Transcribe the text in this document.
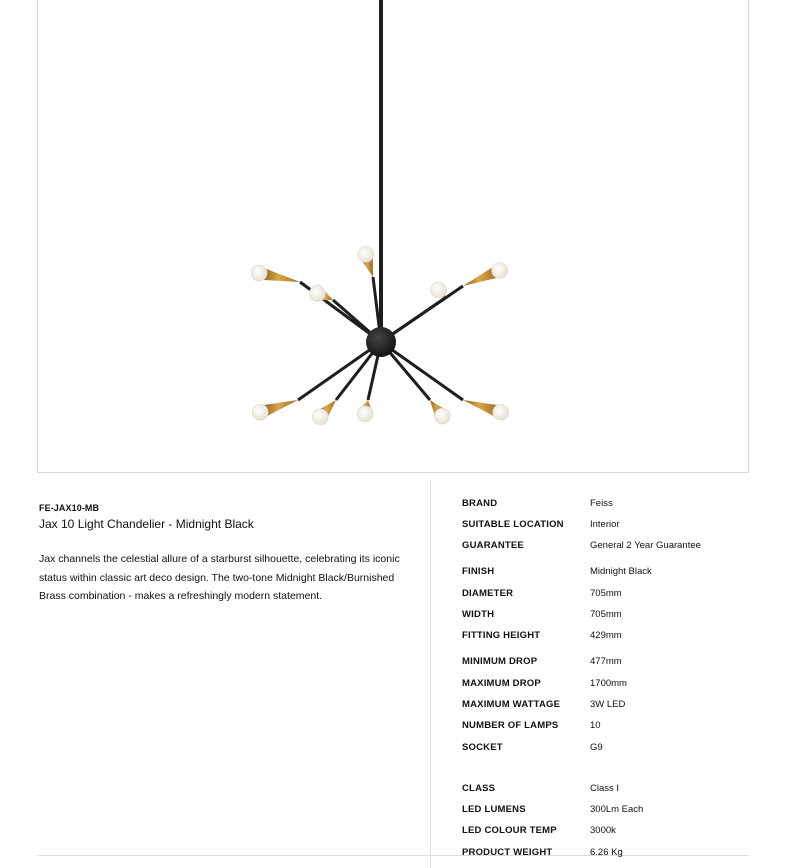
FE-JAX10-MB
Jax 10 Light Chandelier - Midnight Black
Jax channels the celestial allure of a starburst silhouette, celebrating its iconic status within classic art deco design. The two-tone Midnight Black/Burnished Brass combination - makes a refreshingly modern statement.
BRAND	Feiss
SUITABLE LOCATION	Interior
GUARANTEE	General 2 Year Guarantee
FINISH	Midnight Black
DIAMETER	705mm
WIDTH	705mm
FITTING HEIGHT	429mm
MINIMUM DROP	477mm
MAXIMUM DROP	1700mm
MAXIMUM WATTAGE	3W LED
NUMBER OF LAMPS	10
SOCKET	G9
CLASS	Class I
LED LUMENS	300Lm Each
LED COLOUR TEMP	3000k
PRODUCT WEIGHT	6.26 Kg
